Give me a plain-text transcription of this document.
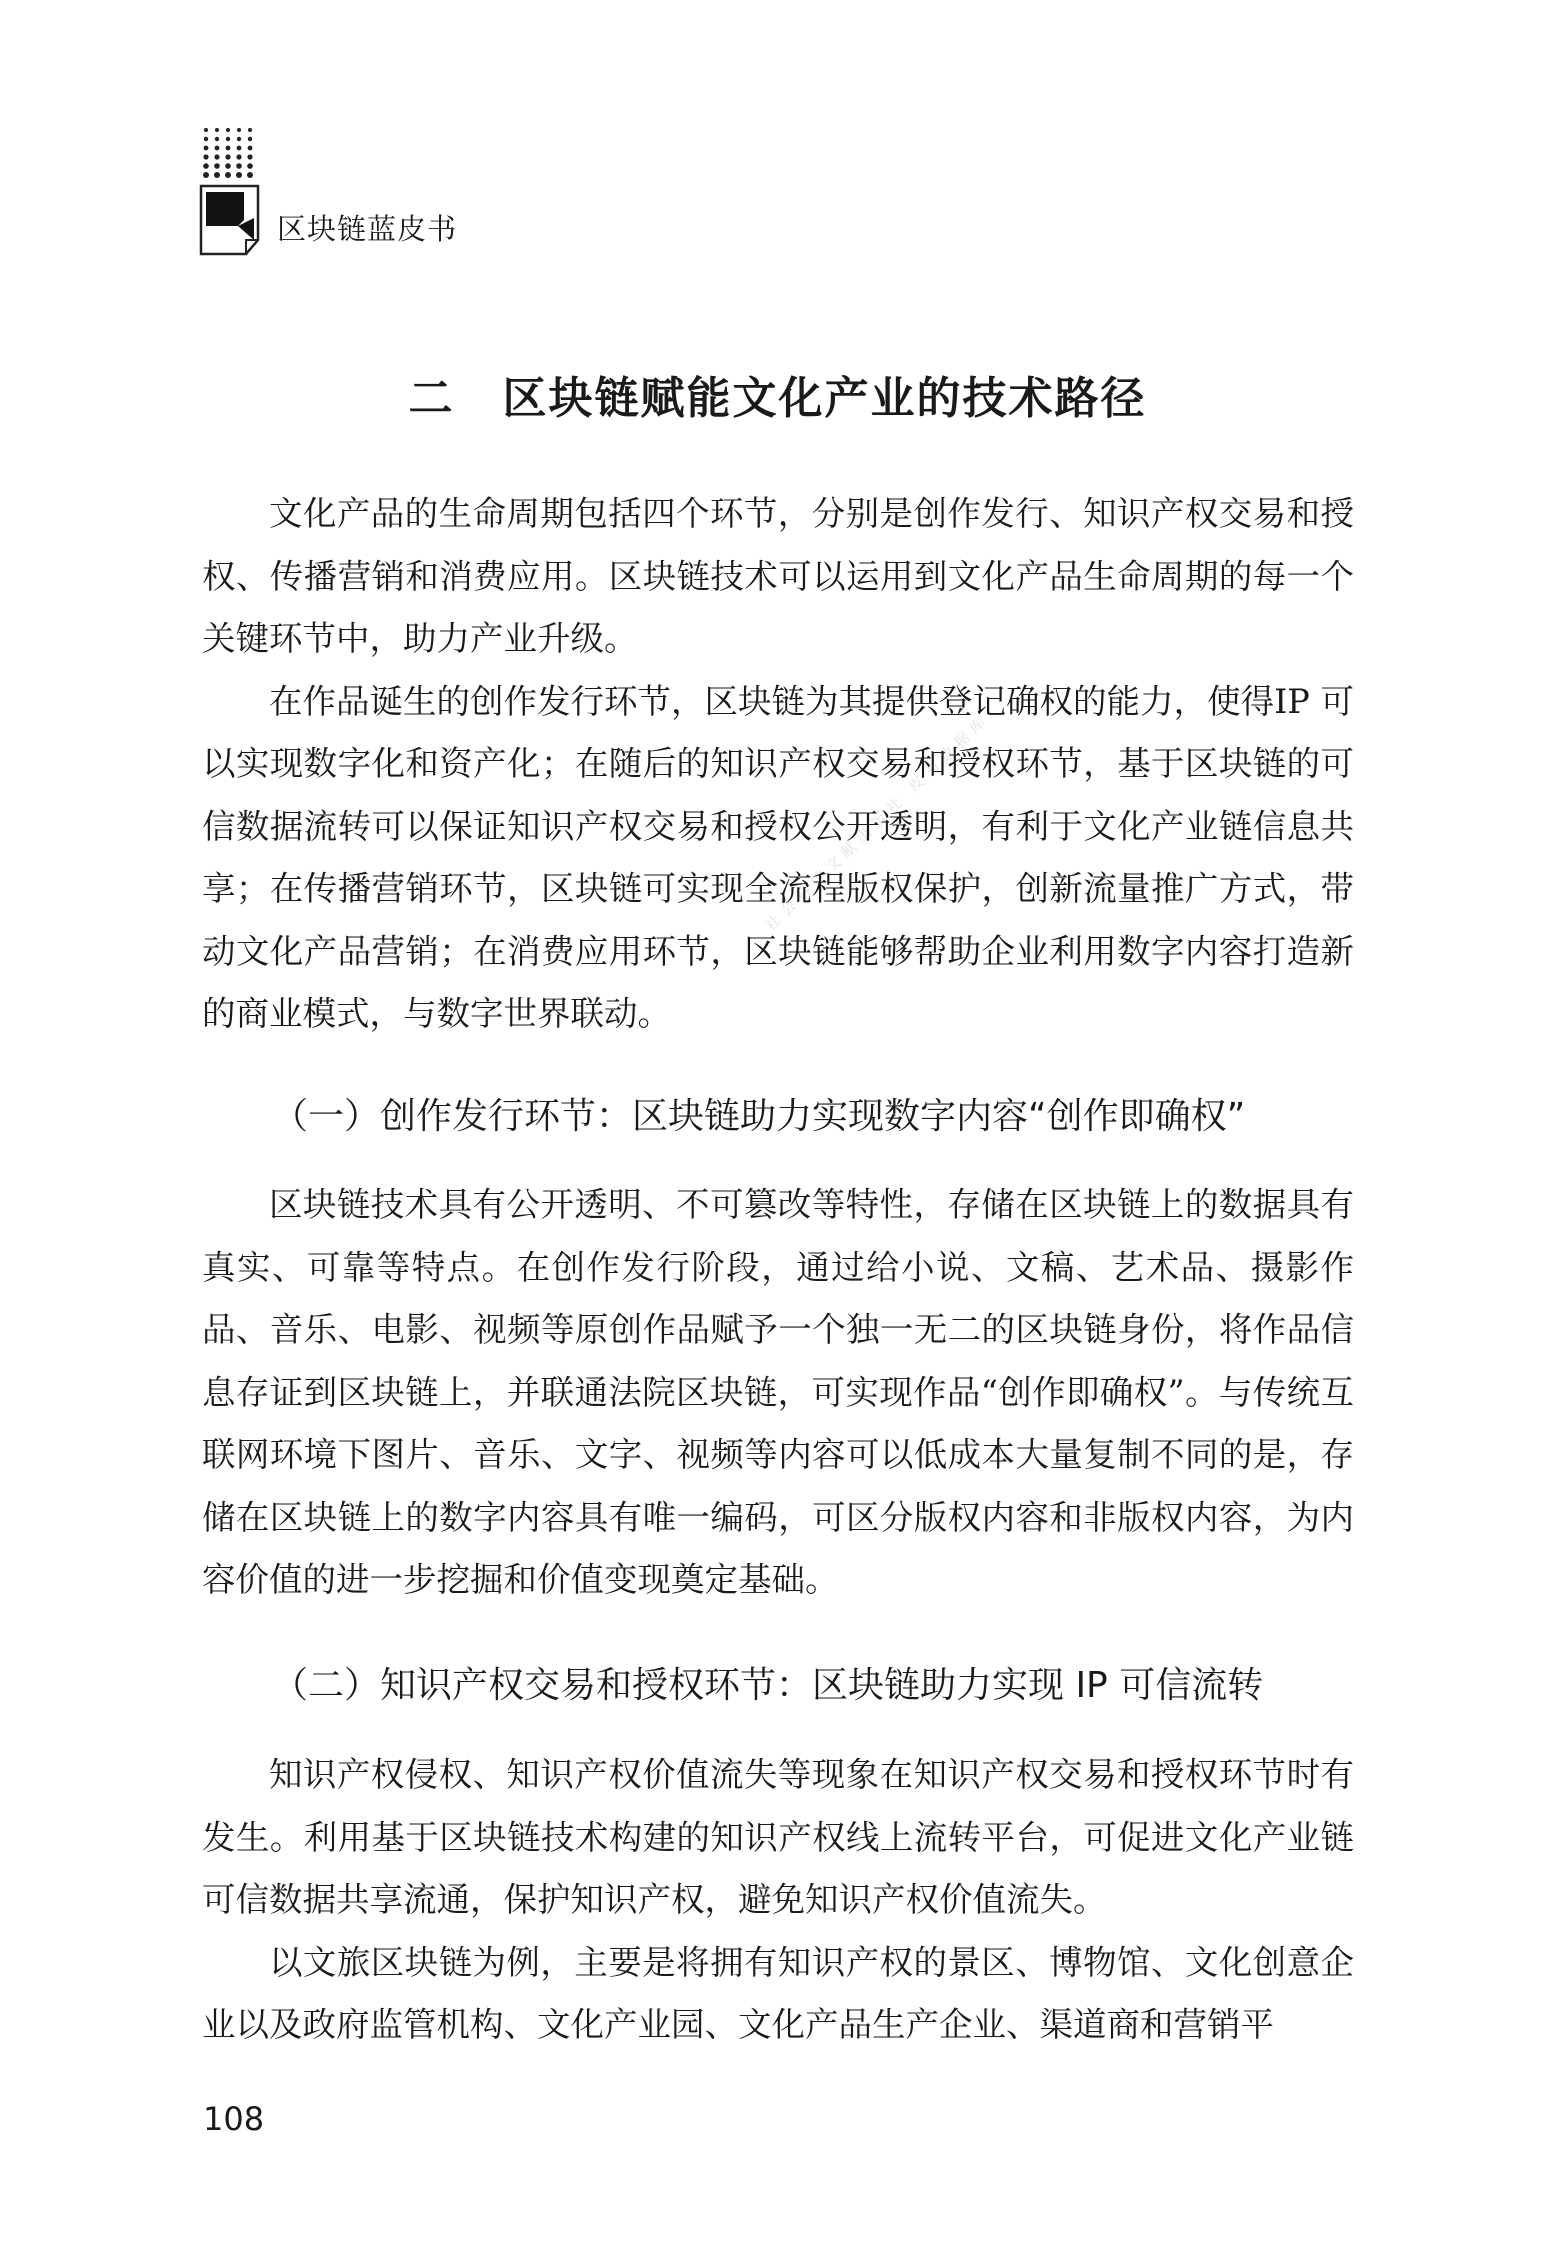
区块链蓝皮书
二 区块链赋能文化产业的技术路径

文化产品的生命周期包括四个环节，分别是创作发行、知识产权交易和授权、传播营销和消费应用。区块链技术可以运用到文化产品生命周期的每一个关键环节中，助力产业升级。

在作品诞生的创作发行环节，区块链为其提供登记确权的能力，使得IP 可以实现数字化和资产化；在随后的知识产权交易和授权环节，基于区块链的可信数据流转可以保证知识产权交易和授权公开透明，有利于文化产业链信息共享；在传播营销环节，区块链可实现全流程版权保护，创新流量推广方式，带动文化产品营销；在消费应用环节，区块链能够帮助企业利用数字内容打造新的商业模式，与数字世界联动。

（一）创作发行环节：区块链助力实现数字内容“创作即确权”

区块链技术具有公开透明、不可篡改等特性，存储在区块链上的数据具有真实、可靠等特点。在创作发行阶段，通过给小说、文稿、艺术品、摄影作品、音乐、电影、视频等原创作品赋予一个独一无二的区块链身份，将作品信息存证到区块链上，并联通法院区块链，可实现作品“创作即确权”。与传统互联网环境下图片、音乐、文字、视频等内容可以低成本大量复制不同的是，存储在区块链上的数字内容具有唯一编码，可区分版权内容和非版权内容，为内容价值的进一步挖掘和价值变现奠定基础。

（二）知识产权交易和授权环节：区块链助力实现 IP 可信流转

知识产权侵权、知识产权价值流失等现象在知识产权交易和授权环节时有发生。利用基于区块链技术构建的知识产权线上流转平台，可促进文化产业链可信数据共享流通，保护知识产权，避免知识产权价值流失。

以文旅区块链为例，主要是将拥有知识产权的景区、博物馆、文化创意企业以及政府监管机构、文化产业园、文化产品生产企业、渠道商和营销平

社会科学文献出版社 皮书数据库
108
